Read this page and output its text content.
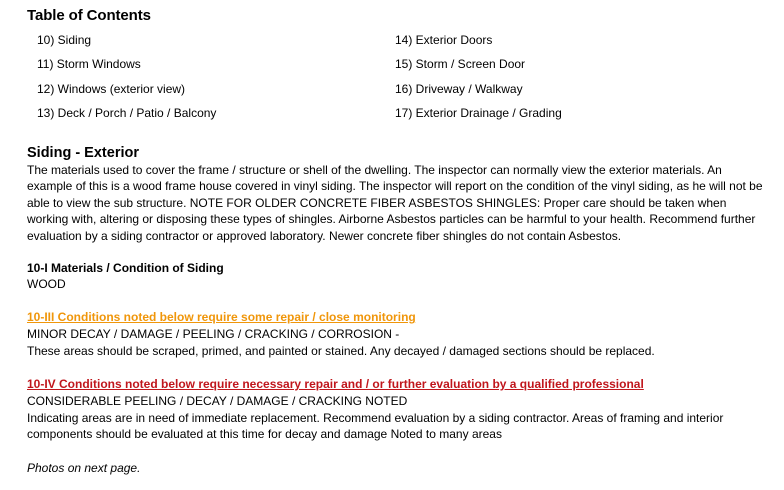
Table of Contents
10) Siding
11) Storm Windows
12) Windows (exterior view)
13) Deck / Porch / Patio / Balcony
14) Exterior Doors
15) Storm / Screen Door
16) Driveway / Walkway
17) Exterior Drainage / Grading
Siding - Exterior

The materials used to cover the frame / structure or shell of the dwelling. The inspector can normally view the exterior materials. An example of this is a wood frame house covered in vinyl siding. The inspector will report on the condition of the vinyl siding, as he will not be able to view the sub structure. NOTE FOR OLDER CONCRETE FIBER ASBESTOS SHINGLES: Proper care should be taken when working with, altering or disposing these types of shingles. Airborne Asbestos particles can be harmful to your health. Recommend further evaluation by a siding contractor or approved laboratory. Newer concrete fiber shingles do not contain Asbestos.

10-I Materials / Condition of Siding
WOOD
10-III Conditions noted below require some repair / close monitoring
MINOR DECAY / DAMAGE / PEELING / CRACKING / CORROSION -
These areas should be scraped, primed, and painted or stained. Any decayed / damaged sections should be replaced.
10-IV Conditions noted below require necessary repair and / or further evaluation by a qualified professional
CONSIDERABLE PEELING / DECAY / DAMAGE / CRACKING NOTED

Indicating areas are in need of immediate replacement. Recommend evaluation by a siding contractor. Areas of framing and interior components should be evaluated at this time for decay and damage Noted to many areas

Photos on next page.
